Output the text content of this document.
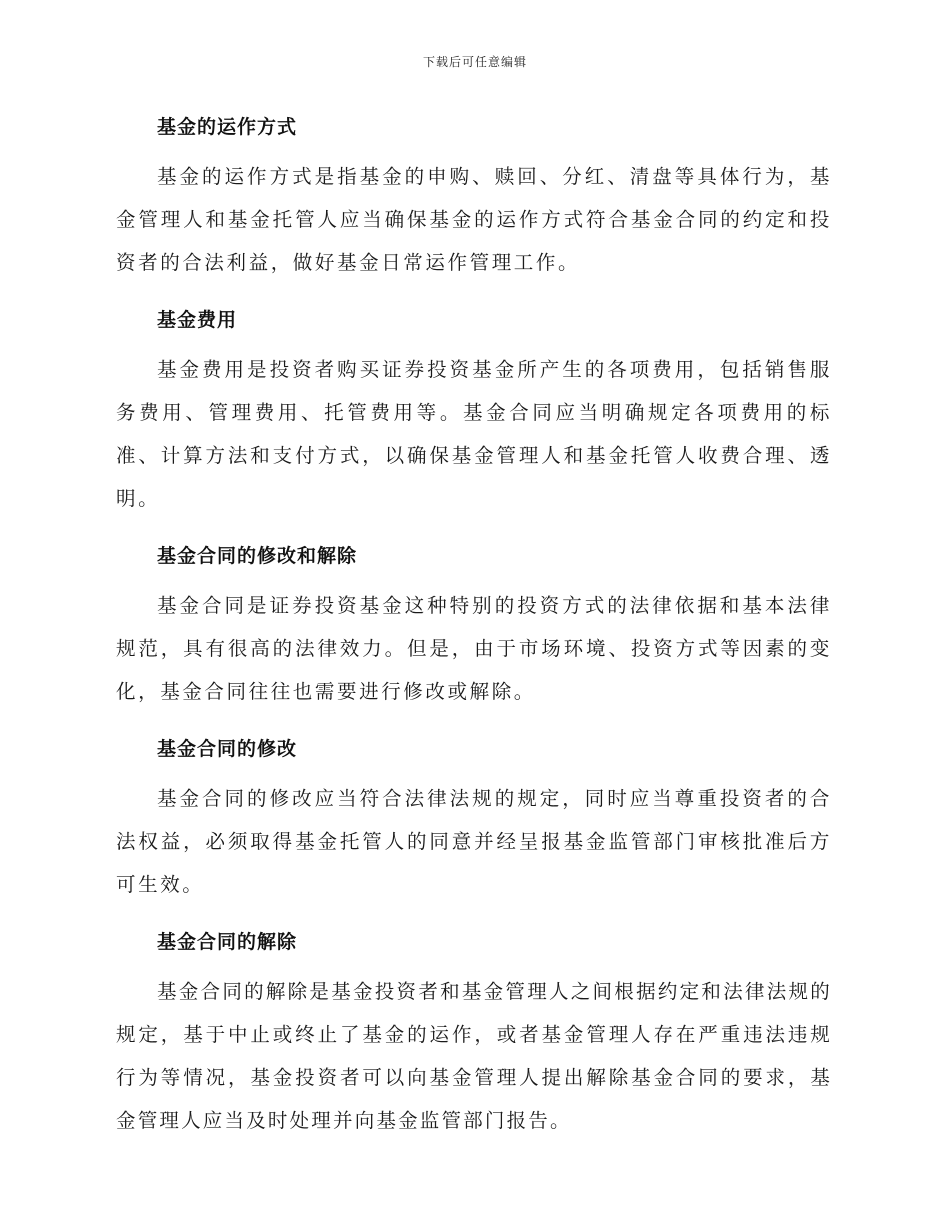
下载后可任意编辑
基金的运作方式

基金的运作方式是指基金的申购、赎回、分红、清盘等具体行为，基金管理人和基金托管人应当确保基金的运作方式符合基金合同的约定和投资者的合法利益，做好基金日常运作管理工作。

基金费用

基金费用是投资者购买证券投资基金所产生的各项费用，包括销售服务费用、管理费用、托管费用等。基金合同应当明确规定各项费用的标准、计算方法和支付方式，以确保基金管理人和基金托管人收费合理、透明。

基金合同的修改和解除

基金合同是证券投资基金这种特别的投资方式的法律依据和基本法律规范，具有很高的法律效力。但是，由于市场环境、投资方式等因素的变化，基金合同往往也需要进行修改或解除。

基金合同的修改

基金合同的修改应当符合法律法规的规定，同时应当尊重投资者的合法权益，必须取得基金托管人的同意并经呈报基金监管部门审核批准后方可生效。

基金合同的解除

基金合同的解除是基金投资者和基金管理人之间根据约定和法律法规的规定，基于中止或终止了基金的运作，或者基金管理人存在严重违法违规行为等情况，基金投资者可以向基金管理人提出解除基金合同的要求，基金管理人应当及时处理并向基金监管部门报告。
